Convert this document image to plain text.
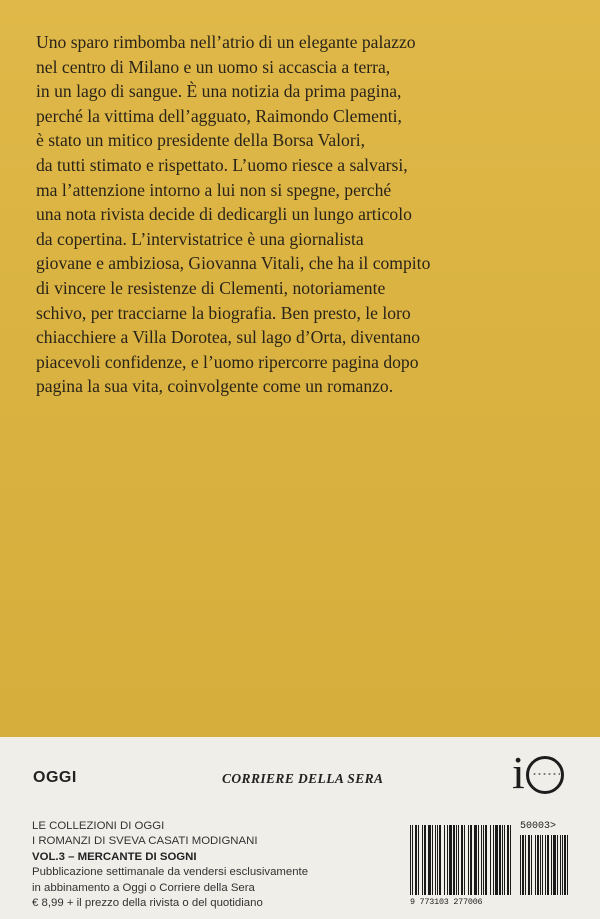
Uno sparo rimbomba nell’atrio di un elegante palazzo
nel centro di Milano e un uomo si accascia a terra,
in un lago di sangue. È una notizia da prima pagina,
perché la vittima dell’agguato, Raimondo Clementi,
è stato un mitico presidente della Borsa Valori,
da tutti stimato e rispettato. L’uomo riesce a salvarsi,
ma l’attenzione intorno a lui non si spegne, perché
una nota rivista decide di dedicargli un lungo articolo
da copertina. L’intervistatrice è una giornalista
giovane e ambiziosa, Giovanna Vitali, che ha il compito
di vincere le resistenze di Clementi, notoriamente
schivo, per tracciarne la biografia. Ben presto, le loro
chiacchiere a Villa Dorotea, sul lago d’Orta, diventano
piacevoli confidenze, e l’uomo ripercorre pagina dopo
pagina la sua vita, coinvolgente come un romanzo.
OGGI	CORRIERE DELLA SERA	i
LE COLLEZIONI DI OGGI
I ROMANZI DI SVEVA CASATI MODIGNANI
VOL.3 – MERCANTE DI SOGNI
Pubblicazione settimanale da vendersi esclusivamente
in abbinamento a Oggi o Corriere della Sera
€ 8,99 + il prezzo della rivista o del quotidiano
50003>
9 773103 277006
